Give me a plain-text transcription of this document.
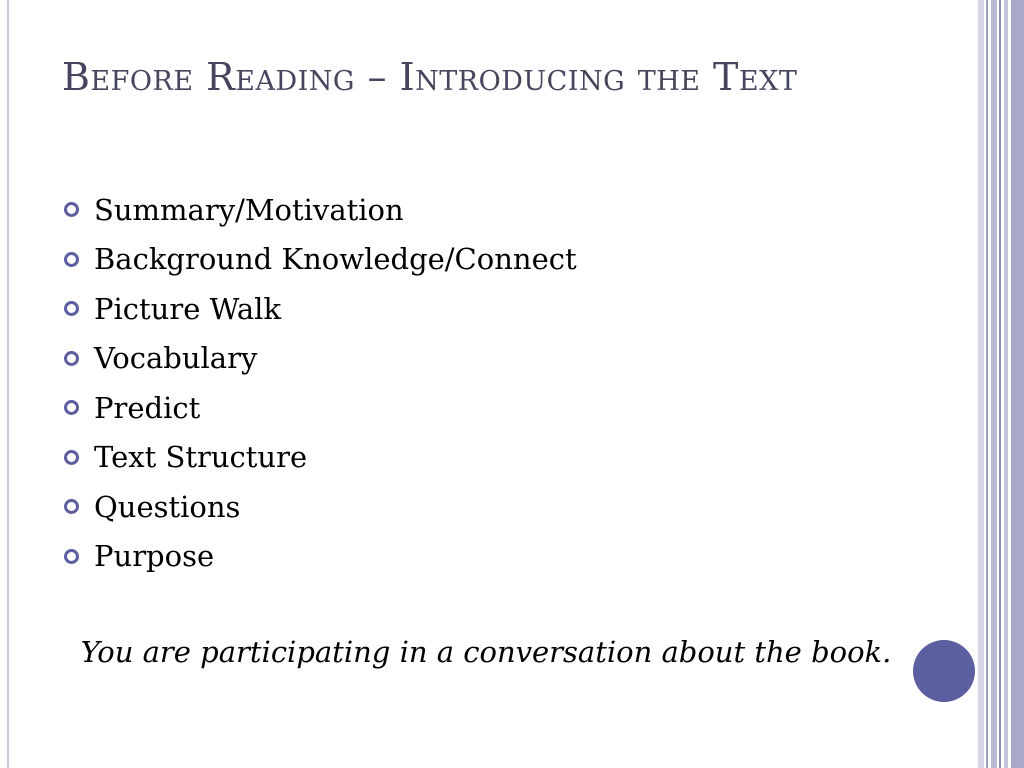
Before Reading – Introducing the Text
Summary/Motivation
Background Knowledge/Connect
Picture Walk
Vocabulary
Predict
Text Structure
Questions
Purpose
You are participating in a conversation about the book.
